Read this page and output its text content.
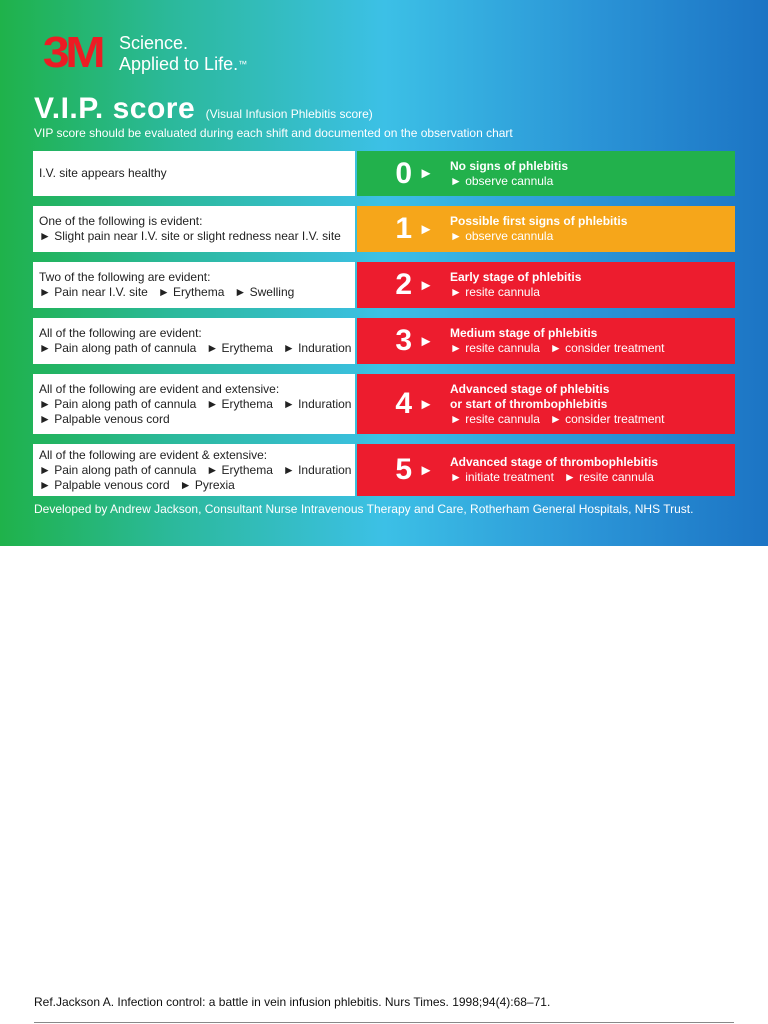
3M Science.
Applied to Life.™
V.I.P. score (Visual Infusion Phlebitis score)
VIP score should be evaluated during each shift and documented on the observation chart
I.V. site appears healthy	0 ►	No signs of phlebitis
► observe cannula
One of the following is evident:
► Slight pain near I.V. site or slight redness near I.V. site	1 ►	Possible first signs of phlebitis
► observe cannula
Two of the following are evident:
► Pain near I.V. site   ► Erythema   ► Swelling	2 ►	Early stage of phlebitis
► resite cannula
All of the following are evident:
► Pain along path of cannula   ► Erythema   ► Induration	3 ►	Medium stage of phlebitis
► resite cannula   ► consider treatment
All of the following are evident and extensive:
► Pain along path of cannula   ► Erythema   ► Induration
► Palpable venous cord	4 ►
Advanced stage of phlebitis
or start of thrombophlebitis
► resite cannula   ► consider treatment
All of the following are evident & extensive:
► Pain along path of cannula   ► Erythema   ► Induration
► Palpable venous cord   ► Pyrexia	5 ►	Advanced stage of thrombophlebitis
► initiate treatment   ► resite cannula
Developed by Andrew Jackson, Consultant Nurse Intravenous Therapy and Care, Rotherham General Hospitals, NHS Trust.
Ref.Jackson A. Infection control: a battle in vein infusion phlebitis. Nurs Times. 1998;94(4):68–71.
